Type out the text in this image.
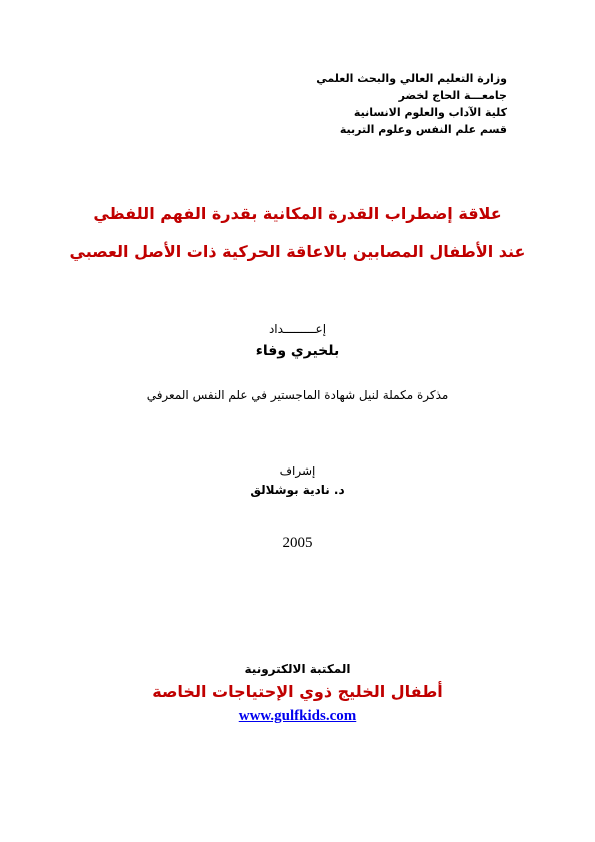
وزارة التعليم العالي والبحث العلمي
جامعـــة الحاج لخضر
كلية الآداب والعلوم الانسانية
قسم علم النفس وعلوم التربية
علاقة إضطراب القدرة المكانية بقدرة الفهم اللفظي
عند الأطفال المصابين بالاعاقة الحركية ذات الأصل العصبي
إعـــــــــداد
بلخيري وفاء
مذكرة مكملة لنيل شهادة الماجستير في علم النفس المعرفي
إشراف
د. نادية بوشلالق
2005
المكتبة الالكترونية
أطفال الخليج ذوي الإحتياجات الخاصة
www.gulfkids.com
